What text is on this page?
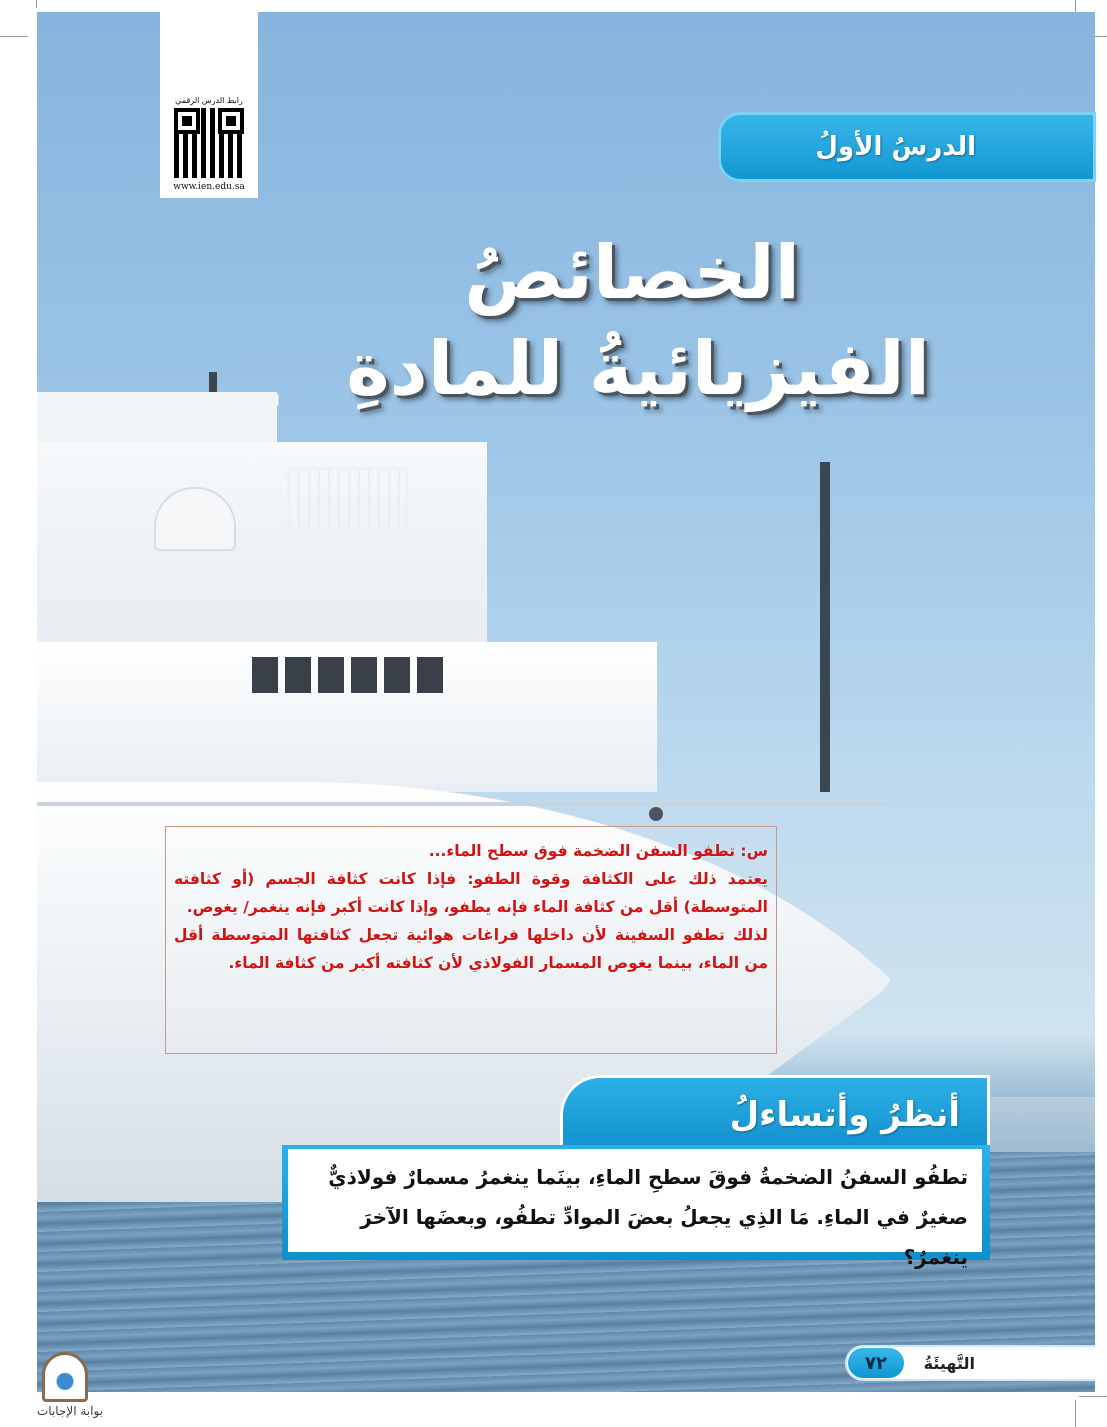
رابط الدرس الرقمي
www.ien.edu.sa
الدرسُ الأولُ
الخصائصُ
الفيزيائيةُ للمادةِ

س: تطفو السفن الضخمة فوق سطح الماء...

يعتمد ذلك على الكثافة وقوة الطفو: فإذا كانت كثافة الجسم (أو كثافته المتوسطة) أقل من كثافة الماء فإنه يطفو، وإذا كانت أكبر فإنه ينغمر/ يغوص.

لذلك تطفو السفينة لأن داخلها فراغات هوائية تجعل كثافتها المتوسطة أقل من الماء، بينما يغوص المسمار الفولاذي لأن كثافته أكبر من كثافة الماء.

أنظرُ وأتساءلُ
تطفُو السفنُ الضخمةُ فوقَ سطحِ الماءِ، بينَما ينغمرُ مسمارٌ فولاذيٌّ صغيرٌ في الماءِ. مَا الذِي يجعلُ بعضَ الموادِّ تطفُو، وبعضَها الآخرَ ينغمرُ؟
التَّهيئَةُ
٧٢
بوابة الإجابات
